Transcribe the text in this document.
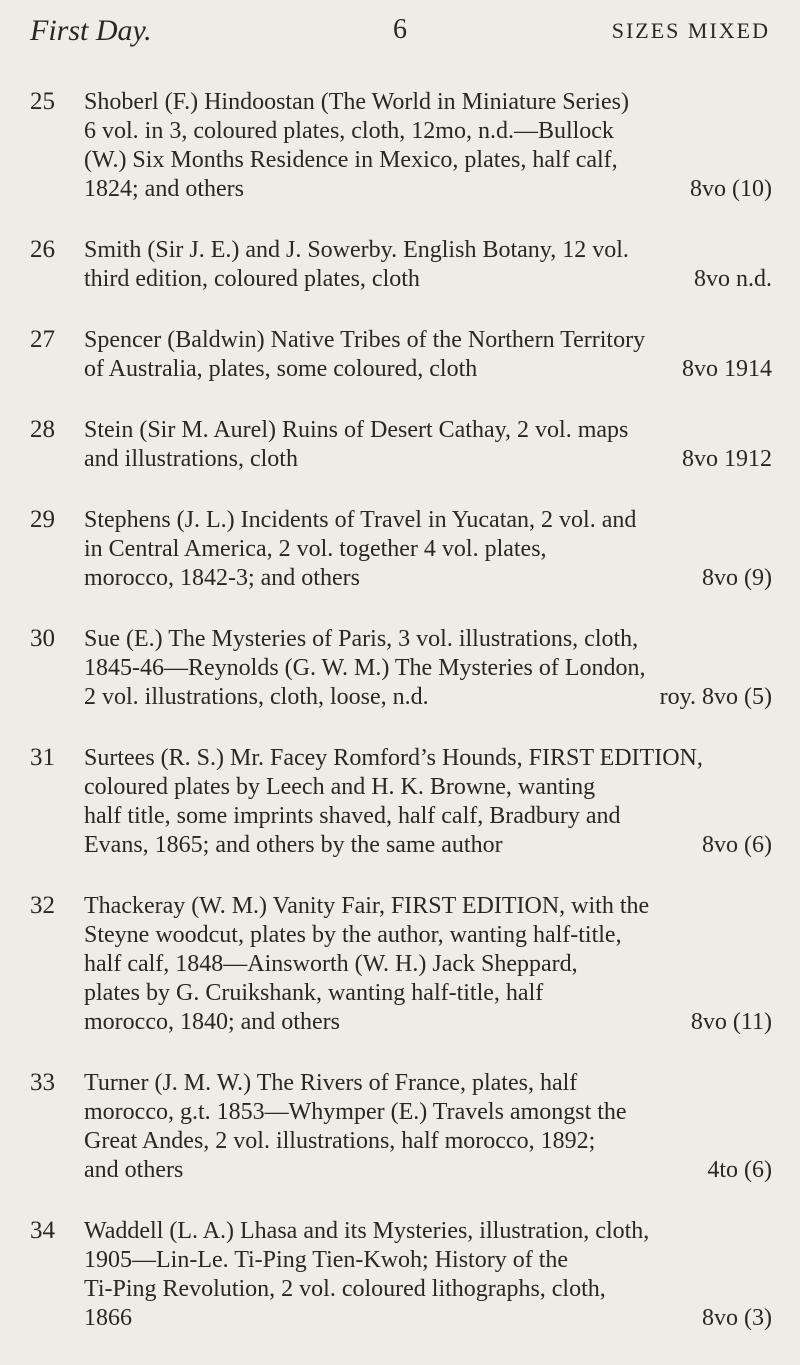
First Day.	6	SIZES MIXED
25 Shoberl (F.) Hindoostan (The World in Miniature Series)
6 vol. in 3, coloured plates, cloth, 12mo, n.d.—Bullock
(W.) Six Months Residence in Mexico, plates, half calf,
1824; and others	8vo (10)
26 Smith (Sir J. E.) and J. Sowerby. English Botany, 12 vol.
third edition, coloured plates, cloth	8vo n.d.
27 Spencer (Baldwin) Native Tribes of the Northern Territory
of Australia, plates, some coloured, cloth	8vo 1914
28 Stein (Sir M. Aurel) Ruins of Desert Cathay, 2 vol. maps
and illustrations, cloth	8vo 1912
29 Stephens (J. L.) Incidents of Travel in Yucatan, 2 vol. and
in Central America, 2 vol. together 4 vol. plates,
morocco, 1842-3; and others	8vo (9)
30 Sue (E.) The Mysteries of Paris, 3 vol. illustrations, cloth,
1845-46—Reynolds (G. W. M.) The Mysteries of London,
2 vol. illustrations, cloth, loose, n.d.	roy. 8vo (5)
31 Surtees (R. S.) Mr. Facey Romford’s Hounds, FIRST EDITION,
coloured plates by Leech and H. K. Browne, wanting
half title, some imprints shaved, half calf, Bradbury and
Evans, 1865; and others by the same author	8vo (6)
32 Thackeray (W. M.) Vanity Fair, FIRST EDITION, with the
Steyne woodcut, plates by the author, wanting half-title,
half calf, 1848—Ainsworth (W. H.) Jack Sheppard,
plates by G. Cruikshank, wanting half-title, half
morocco, 1840; and others	8vo (11)
33 Turner (J. M. W.) The Rivers of France, plates, half
morocco, g.t. 1853—Whymper (E.) Travels amongst the
Great Andes, 2 vol. illustrations, half morocco, 1892;
and others	4to (6)
34 Waddell (L. A.) Lhasa and its Mysteries, illustration, cloth,
1905—Lin-Le. Ti-Ping Tien-Kwoh; History of the
Ti-Ping Revolution, 2 vol. coloured lithographs, cloth,
1866	8vo (3)
